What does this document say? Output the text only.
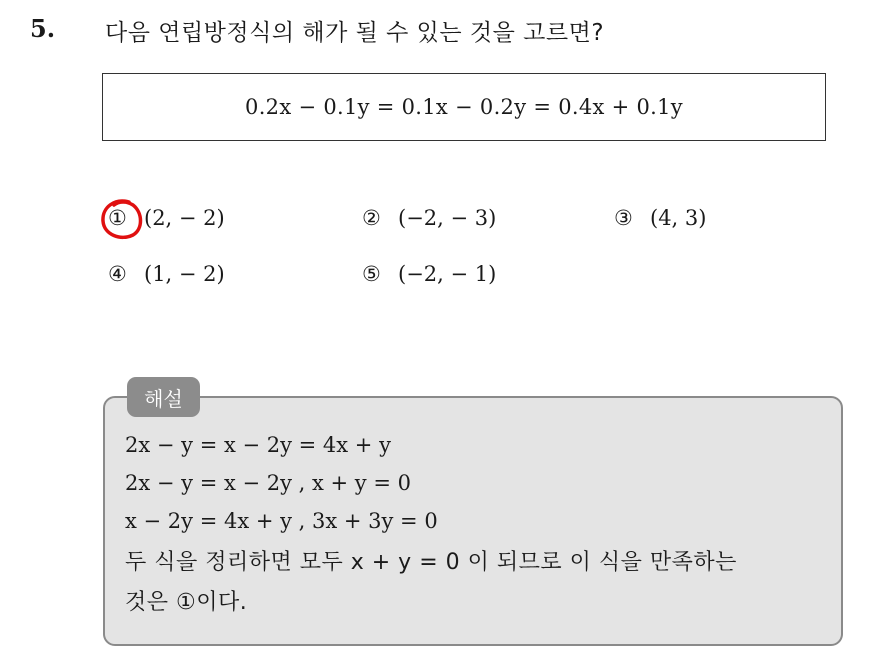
5. 다음 연립방정식의 해가 될 수 있는 것을 고르면?
0.2x − 0.1y = 0.1x − 0.2y = 0.4x + 0.1y
① (2, − 2)	② (−2, − 3)	③ (4, 3)
④ (1, − 2)	⑤ (−2, − 1)
해설
2x − y = x − 2y = 4x + y
2x − y = x − 2y , x + y = 0
x − 2y = 4x + y , 3x + 3y = 0
두 식을 정리하면 모두 x + y = 0 이 되므로 이 식을 만족하는
것은 ①이다.
